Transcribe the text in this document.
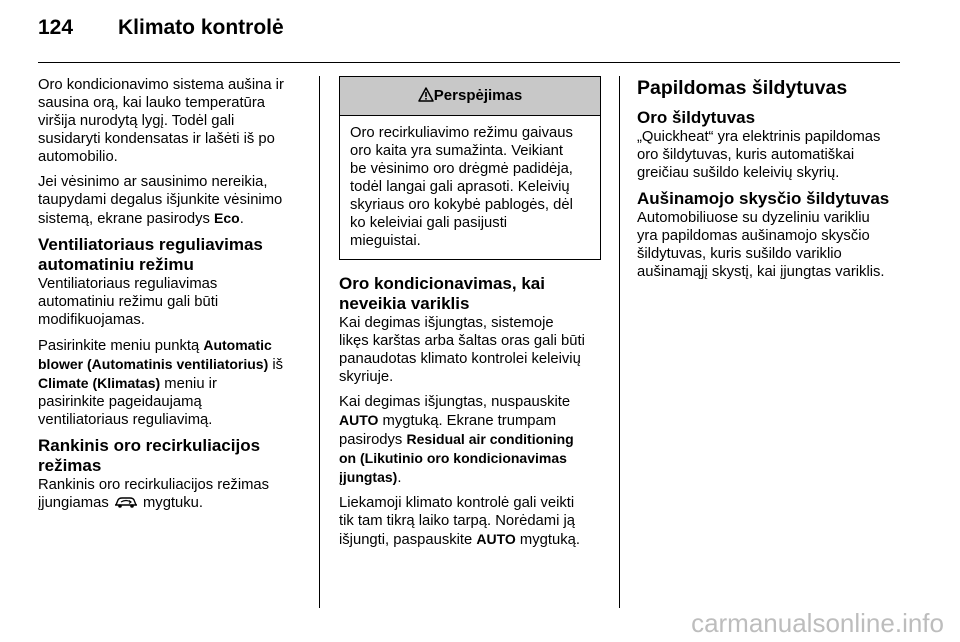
124 Klimato kontrolė

Oro kondicionavimo sistema aušina ir
sausina orą, kai lauko temperatūra
viršija nurodytą lygį. Todėl gali
susidaryti kondensatas ir lašėti iš po
automobilio.

Jei vėsinimo ar sausinimo nereikia,
taupydami degalus išjunkite vėsinimo
sistemą, ekrane pasirodys Eco.

Ventiliatoriaus reguliavimas
automatiniu režimu

Ventiliatoriaus reguliavimas
automatiniu režimu gali būti
modifikuojamas.

Pasirinkite meniu punktą Automatic
blower (Automatinis ventiliatorius) iš
Climate (Klimatas) meniu ir
pasirinkite pageidaujamą
ventiliatoriaus reguliavimą.

Rankinis oro recirkuliacijos
režimas

Rankinis oro recirkuliacijos režimas
įjungiamas  mygtuku.

Perspėjimas

Oro recirkuliavimo režimu gaivaus
oro kaita yra sumažinta. Veikiant
be vėsinimo oro drėgmė padidėja,
todėl langai gali aprasoti. Keleivių
skyriaus oro kokybė pablogės, dėl
ko keleiviai gali pasijusti
mieguistai.

Oro kondicionavimas, kai
neveikia variklis

Kai degimas išjungtas, sistemoje
likęs karštas arba šaltas oras gali būti
panaudotas klimato kontrolei keleivių
skyriuje.

Kai degimas išjungtas, nuspauskite
AUTO mygtuką. Ekrane trumpam
pasirodys Residual air conditioning
on (Likutinio oro kondicionavimas
įjungtas).

Liekamoji klimato kontrolė gali veikti
tik tam tikrą laiko tarpą. Norėdami ją
išjungti, paspauskite AUTO mygtuką.

Papildomas šildytuvas
Oro šildytuvas

„Quickheat“ yra elektrinis papildomas
oro šildytuvas, kuris automatiškai
greičiau sušildo keleivių skyrių.

Aušinamojo skysčio šildytuvas

Automobiliuose su dyzeliniu varikliu
yra papildomas aušinamojo skysčio
šildytuvas, kuris sušildo variklio
aušinamąjį skystį, kai įjungtas variklis.

carmanualsonline.info
